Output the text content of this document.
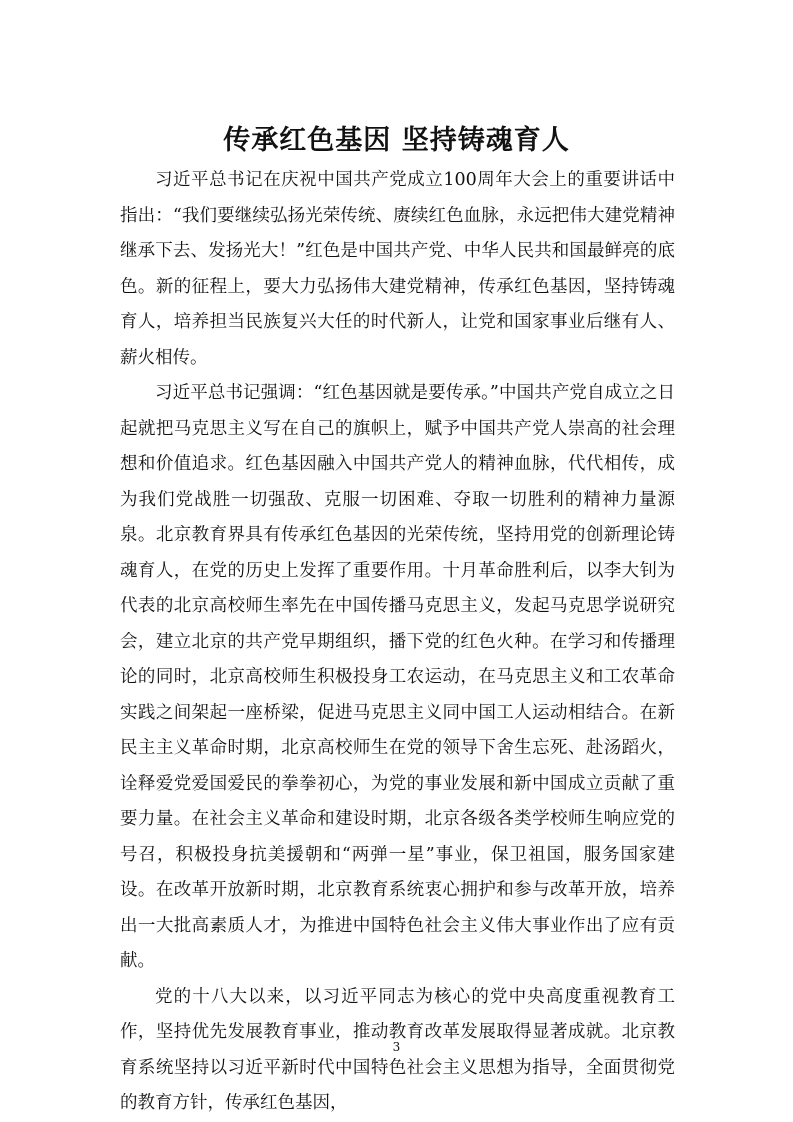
传承红色基因 坚持铸魂育人

习近平总书记在庆祝中国共产党成立100周年大会上的重要讲话中指出：“我们要继续弘扬光荣传统、赓续红色血脉，永远把伟大建党精神继承下去、发扬光大！”红色是中国共产党、中华人民共和国最鲜亮的底色。新的征程上，要大力弘扬伟大建党精神，传承红色基因，坚持铸魂育人，培养担当民族复兴大任的时代新人，让党和国家事业后继有人、薪火相传。

习近平总书记强调：“红色基因就是要传承。”中国共产党自成立之日起就把马克思主义写在自己的旗帜上，赋予中国共产党人崇高的社会理想和价值追求。红色基因融入中国共产党人的精神血脉，代代相传，成为我们党战胜一切强敌、克服一切困难、夺取一切胜利的精神力量源泉。北京教育界具有传承红色基因的光荣传统，坚持用党的创新理论铸魂育人，在党的历史上发挥了重要作用。十月革命胜利后，以李大钊为代表的北京高校师生率先在中国传播马克思主义，发起马克思学说研究会，建立北京的共产党早期组织，播下党的红色火种。在学习和传播理论的同时，北京高校师生积极投身工农运动，在马克思主义和工农革命实践之间架起一座桥梁，促进马克思主义同中国工人运动相结合。在新民主主义革命时期，北京高校师生在党的领导下舍生忘死、赴汤蹈火，诠释爱党爱国爱民的拳拳初心，为党的事业发展和新中国成立贡献了重要力量。在社会主义革命和建设时期，北京各级各类学校师生响应党的号召，积极投身抗美援朝和“两弹一星”事业，保卫祖国，服务国家建设。在改革开放新时期，北京教育系统衷心拥护和参与改革开放，培养出一大批高素质人才，为推进中国特色社会主义伟大事业作出了应有贡献。

党的十八大以来，以习近平同志为核心的党中央高度重视教育工作，坚持优先发展教育事业，推动教育改革发展取得显著成就。北京教育系统坚持以习近平新时代中国特色社会主义思想为指导，全面贯彻党的教育方针，传承红色基因，

3
